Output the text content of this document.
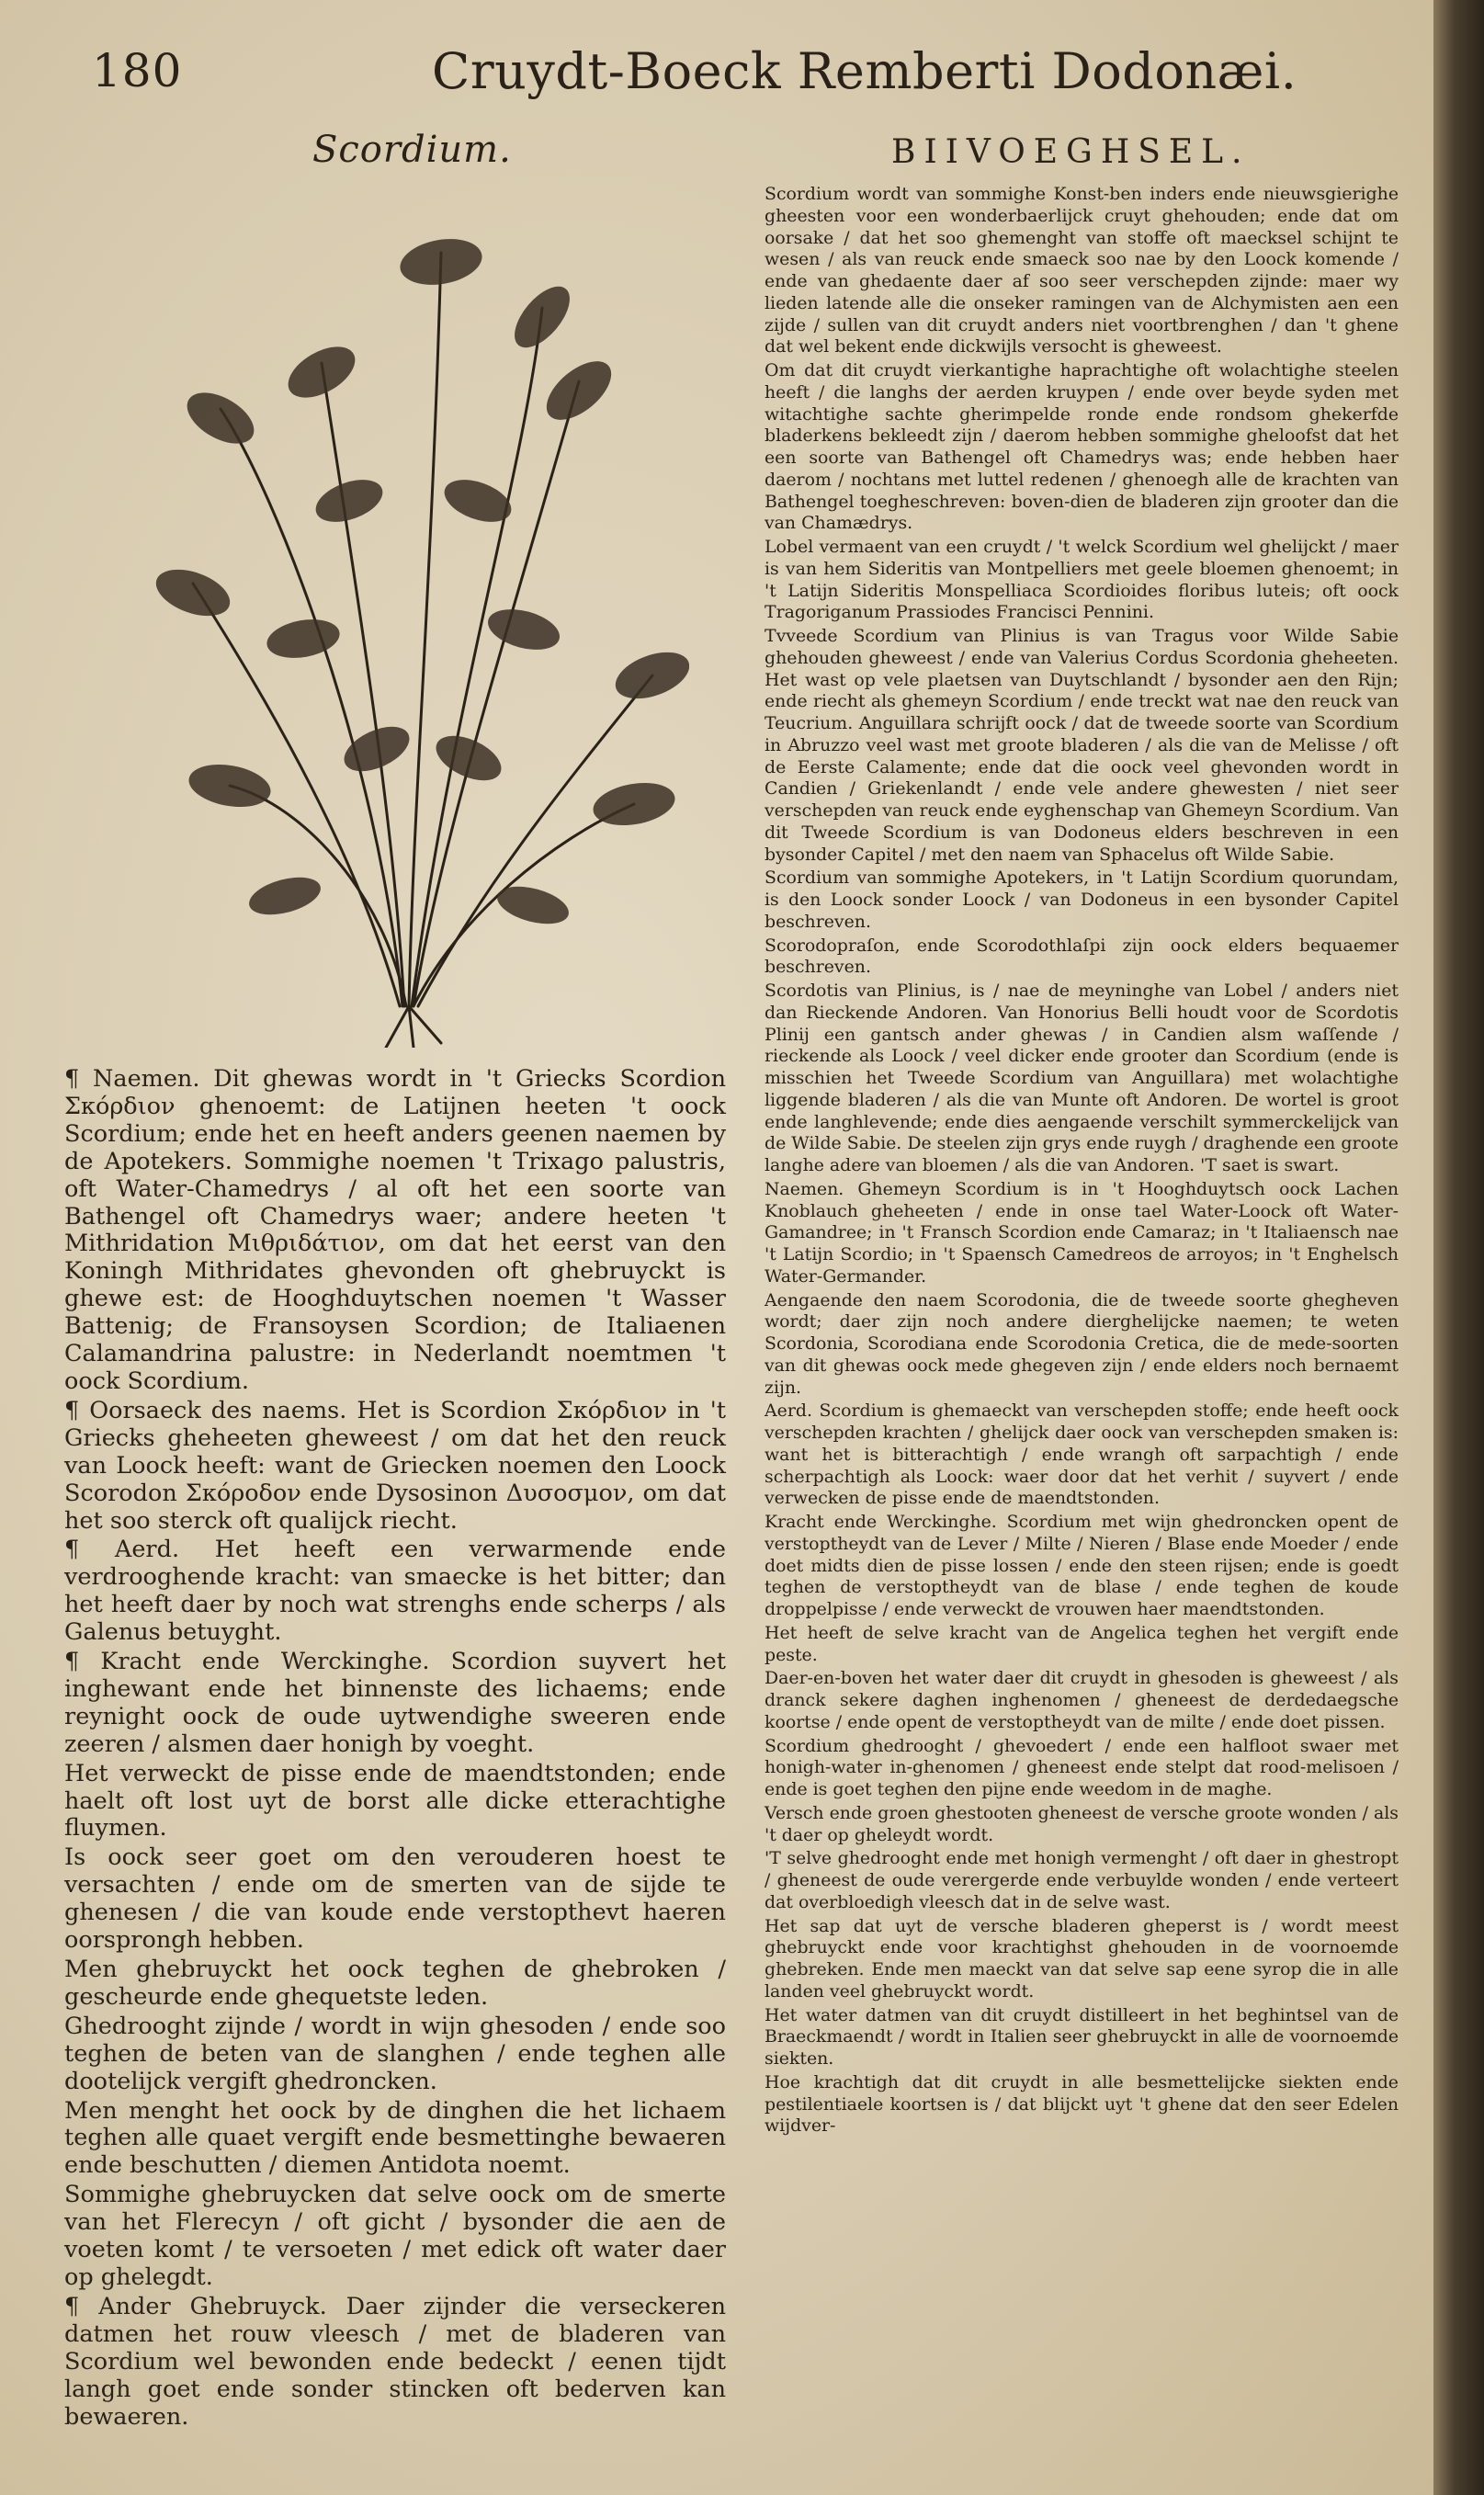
180	Cruydt-Boeck Remberti Dodonæi.
Scordium.	BIIVOEGHSEL.

¶ Naemen. Dit ghewas wordt in 't Griecks Scordion Σκόρδιον ghenoemt: de Latijnen heeten 't oock Scordium; ende het en heeft anders geenen naemen by de Apotekers. Sommighe noemen 't Trixago palustris, oft Water-Chamedrys / al oft het een soorte van Bathengel oft Chamedrys waer; andere heeten 't Mithridation Μιθριδάτιον, om dat het eerst van den Koningh Mithridates ghevonden oft ghebruyckt is ghewe est: de Hooghduytschen noemen 't Wasser Battenig; de Fransoysen Scordion; de Italiaenen Calamandrina palustre: in Nederlandt noemtmen 't oock Scordium.

¶ Oorsaeck des naems. Het is Scordion Σκόρδιον in 't Griecks gheheeten gheweest / om dat het den reuck van Loock heeft: want de Griecken noemen den Loock Scorodon Σκόροδον ende Dysosinon Δυσοσμον, om dat het soo sterck oft qualijck riecht.

¶ Aerd. Het heeft een verwarmende ende verdrooghende kracht: van smaecke is het bitter; dan het heeft daer by noch wat strenghs ende scherps / als Galenus betuyght.

¶ Kracht ende Werckinghe. Scordion suyvert het inghewant ende het binnenste des lichaems; ende reynight oock de oude uytwendighe sweeren ende zeeren / alsmen daer honigh by voeght.

Het verweckt de pisse ende de maendtstonden; ende haelt oft lost uyt de borst alle dicke etterachtighe fluymen.

Is oock seer goet om den verouderen hoest te versachten / ende om de smerten van de sijde te ghenesen / die van koude ende verstopthevt haeren oorsprongh hebben.

Men ghebruyckt het oock teghen de ghebroken / gescheurde ende ghequetste leden.

Ghedrooght zijnde / wordt in wijn ghesoden / ende soo teghen de beten van de slanghen / ende teghen alle dootelijck vergift ghedroncken.

Men menght het oock by de dinghen die het lichaem teghen alle quaet vergift ende besmettinghe bewaeren ende beschutten / diemen Antidota noemt.

Sommighe ghebruycken dat selve oock om de smerte van het Flerecyn / oft gicht / bysonder die aen de voeten komt / te versoeten / met edick oft water daer op ghelegdt.

¶ Ander Ghebruyck. Daer zijnder die verseckeren datmen het rouw vleesch / met de bladeren van Scordium wel bewonden ende bedeckt / eenen tijdt langh goet ende sonder stincken oft bederven kan bewaeren.

Scordium wordt van sommighe Konst-ben inders ende nieuwsgierighe gheesten voor een wonderbaerlijck cruyt ghehouden; ende dat om oorsake / dat het soo ghemenght van stoffe oft maecksel schijnt te wesen / als van reuck ende smaeck soo nae by den Loock komende / ende van ghedaente daer af soo seer verschepden zijnde: maer wy lieden latende alle die onseker ramingen van de Alchymisten aen een zijde / sullen van dit cruydt anders niet voortbrenghen / dan 't ghene dat wel bekent ende dickwijls versocht is gheweest.

Om dat dit cruydt vierkantighe haprachtighe oft wolachtighe steelen heeft / die langhs der aerden kruypen / ende over beyde syden met witachtighe sachte gherimpelde ronde ende rondsom ghekerfde bladerkens bekleedt zijn / daerom hebben sommighe gheloofst dat het een soorte van Bathengel oft Chamedrys was; ende hebben haer daerom / nochtans met luttel redenen / ghenoegh alle de krachten van Bathengel toegheschreven: boven-dien de bladeren zijn grooter dan die van Chamædrys.

Lobel vermaent van een cruydt / 't welck Scordium wel ghelijckt / maer is van hem Sideritis van Montpelliers met geele bloemen ghenoemt; in 't Latijn Sideritis Monspelliaca Scordioides floribus luteis; oft oock Tragoriganum Prassiodes Francisci Pennini.

Tvveede Scordium van Plinius is van Tragus voor Wilde Sabie ghehouden gheweest / ende van Valerius Cordus Scordonia gheheeten. Het wast op vele plaetsen van Duytschlandt / bysonder aen den Rijn; ende riecht als ghemeyn Scordium / ende treckt wat nae den reuck van Teucrium. Anguillara schrijft oock / dat de tweede soorte van Scordium in Abruzzo veel wast met groote bladeren / als die van de Melisse / oft de Eerste Calamente; ende dat die oock veel ghevonden wordt in Candien / Griekenlandt / ende vele andere ghewesten / niet seer verschepden van reuck ende eyghenschap van Ghemeyn Scordium. Van dit Tweede Scordium is van Dodoneus elders beschreven in een bysonder Capitel / met den naem van Sphacelus oft Wilde Sabie.

Scordium van sommighe Apotekers, in 't Latijn Scordium quorundam, is den Loock sonder Loock / van Dodoneus in een bysonder Capitel beschreven.

Scorodopraſon, ende Scorodothlaſpi zijn oock elders bequaemer beschreven.

Scordotis van Plinius, is / nae de meyninghe van Lobel / anders niet dan Rieckende Andoren. Van Honorius Belli houdt voor de Scordotis Plinij een gantsch ander ghewas / in Candien alsm waſſende / rieckende als Loock / veel dicker ende grooter dan Scordium (ende is misschien het Tweede Scordium van Anguillara) met wolachtighe liggende bladeren / als die van Munte oft Andoren. De wortel is groot ende langhlevende; ende dies aengaende verschilt symmerckelijck van de Wilde Sabie. De steelen zijn grys ende ruygh / draghende een groote langhe adere van bloemen / als die van Andoren. 'T saet is swart.

Naemen. Ghemeyn Scordium is in 't Hooghduytsch oock Lachen Knoblauch gheheeten / ende in onse tael Water-Loock oft Water-Gamandree; in 't Fransch Scordion ende Camaraz; in 't Italiaensch nae 't Latijn Scordio; in 't Spaensch Camedreos de arroyos; in 't Enghelsch Water-Germander.

Aengaende den naem Scorodonia, die de tweede soorte ghegheven wordt; daer zijn noch andere dierghelijcke naemen; te weten Scordonia, Scorodiana ende Scorodonia Cretica, die de mede-soorten van dit ghewas oock mede ghegeven zijn / ende elders noch bernaemt zijn.

Aerd. Scordium is ghemaeckt van verschepden stoffe; ende heeft oock verschepden krachten / ghelijck daer oock van verschepden smaken is: want het is bitterachtigh / ende wrangh oft sarpachtigh / ende scherpachtigh als Loock: waer door dat het verhit / suyvert / ende verwecken de pisse ende de maendtstonden.

Kracht ende Werckinghe. Scordium met wijn ghedroncken opent de verstoptheydt van de Lever / Milte / Nieren / Blase ende Moeder / ende doet midts dien de pisse lossen / ende den steen rijsen; ende is goedt teghen de verstoptheydt van de blase / ende teghen de koude droppelpisse / ende verweckt de vrouwen haer maendtstonden.

Het heeft de selve kracht van de Angelica teghen het vergift ende peste.

Daer-en-boven het water daer dit cruydt in ghesoden is gheweest / als dranck sekere daghen inghenomen / gheneest de derdedaegsche koortse / ende opent de verstoptheydt van de milte / ende doet pissen.

Scordium ghedrooght / ghevoedert / ende een halfloot swaer met honigh-water in-ghenomen / gheneest ende stelpt dat rood-melisoen / ende is goet teghen den pijne ende weedom in de maghe.

Versch ende groen ghestooten gheneest de versche groote wonden / als 't daer op gheleydt wordt.

'T selve ghedrooght ende met honigh vermenght / oft daer in ghestropt / gheneest de oude verergerde ende verbuylde wonden / ende verteert dat overbloedigh vleesch dat in de selve wast.

Het sap dat uyt de versche bladeren gheperst is / wordt meest ghebruyckt ende voor krachtighst ghehouden in de voornoemde ghebreken. Ende men maeckt van dat selve sap eene syrop die in alle landen veel ghebruyckt wordt.

Het water datmen van dit cruydt distilleert in het beghintsel van de Braeckmaendt / wordt in Italien seer ghebruyckt in alle de voornoemde siekten.

Hoe krachtigh dat dit cruydt in alle besmettelijcke siekten ende pestilentiaele koortsen is / dat blijckt uyt 't ghene dat den seer Edelen wijdver-
